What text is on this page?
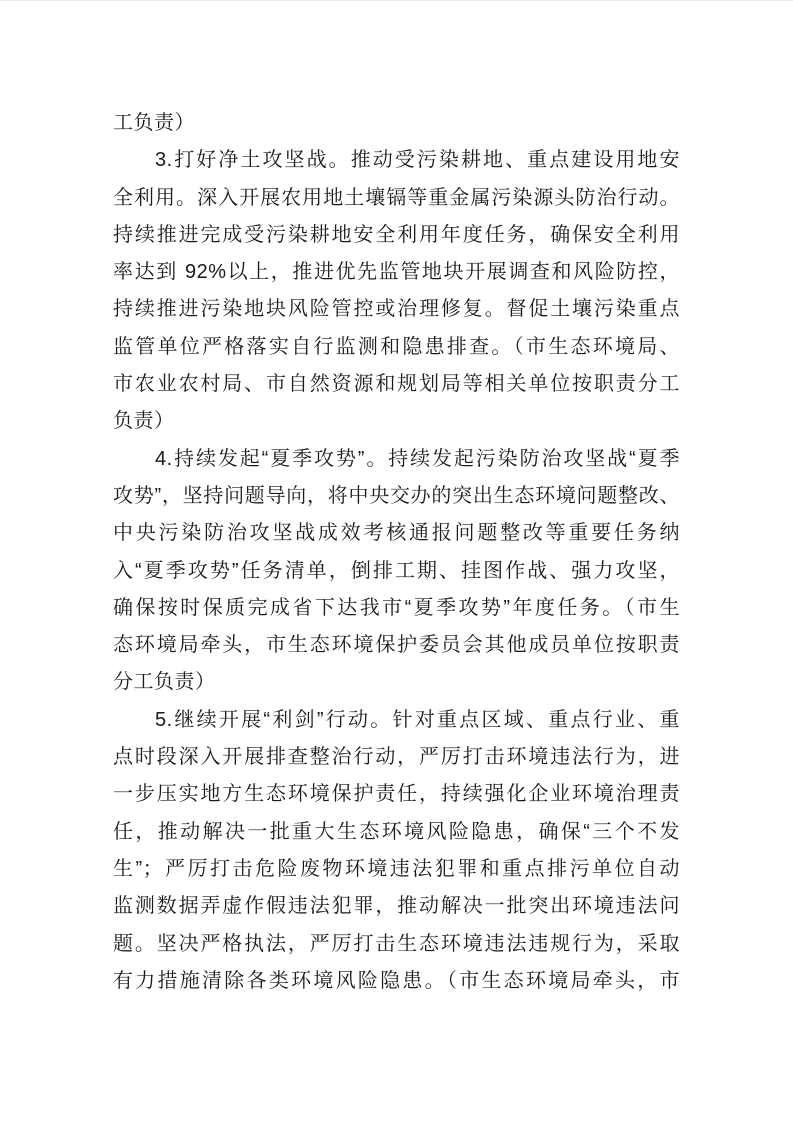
工负责）
3.打好净土攻坚战。推动受污染耕地、重点建设用地安
全利用。深入开展农用地土壤镉等重金属污染源头防治行动。
持续推进完成受污染耕地安全利用年度任务，确保安全利用
率达到 92%以上，推进优先监管地块开展调查和风险防控，
持续推进污染地块风险管控或治理修复。督促土壤污染重点
监管单位严格落实自行监测和隐患排查。（市生态环境局、
市农业农村局、市自然资源和规划局等相关单位按职责分工
负责）
4.持续发起“夏季攻势”。持续发起污染防治攻坚战“夏季
攻势”，坚持问题导向，将中央交办的突出生态环境问题整改、
中央污染防治攻坚战成效考核通报问题整改等重要任务纳
入“夏季攻势”任务清单，倒排工期、挂图作战、强力攻坚，
确保按时保质完成省下达我市“夏季攻势”年度任务。（市生
态环境局牵头，市生态环境保护委员会其他成员单位按职责
分工负责）
5.继续开展“利剑”行动。针对重点区域、重点行业、重
点时段深入开展排查整治行动，严厉打击环境违法行为，进
一步压实地方生态环境保护责任，持续强化企业环境治理责
任，推动解决一批重大生态环境风险隐患，确保“三个不发
生”；严厉打击危险废物环境违法犯罪和重点排污单位自动
监测数据弄虚作假违法犯罪，推动解决一批突出环境违法问
题。坚决严格执法，严厉打击生态环境违法违规行为，采取
有力措施清除各类环境风险隐患。（市生态环境局牵头，市
